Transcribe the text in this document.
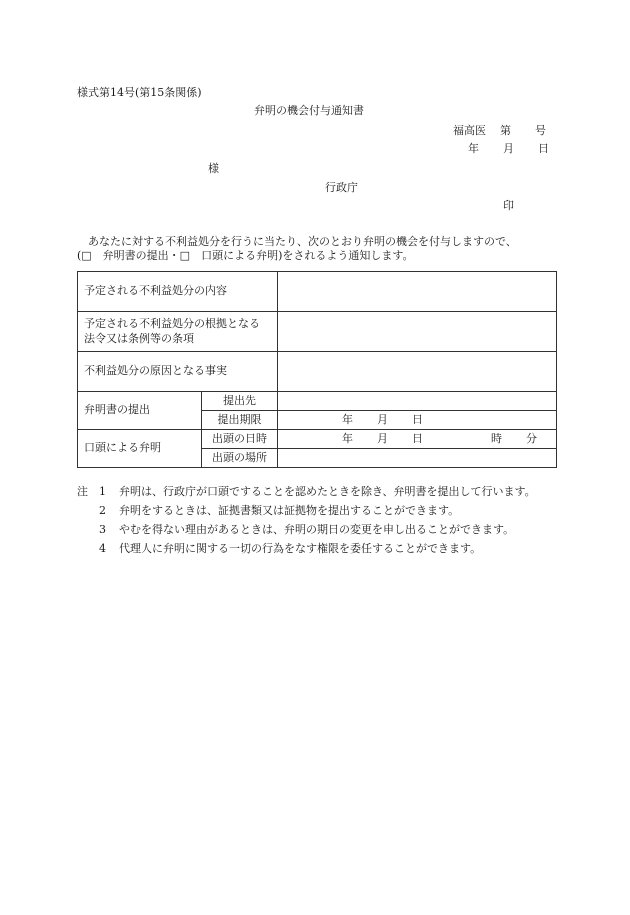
様式第14号(第15条関係)
弁明の機会付与通知書
福高医 第 号
年 月 日
様
行政庁
印

あなたに対する不利益処分を行うに当たり、次のとおり弁明の機会を付与しますので、

(□　弁明書の提出・□　口頭による弁明)をされるよう通知します。

予定される不利益処分の内容		

予定される不利益処分の根拠となる
法令又は条例等の条項		

不利益処分の原因となる事実		
弁明書の提出	提出先	
	提出期限	年 月 日
口頭による弁明	出頭の日時	年 月 日 時 分
	出頭の場所	
注	1	弁明は、行政庁が口頭ですることを認めたときを除き、弁明書を提出して行います。
2	弁明をするときは、証拠書類又は証拠物を提出することができます。
3	やむを得ない理由があるときは、弁明の期日の変更を申し出ることができます。
4	代理人に弁明に関する一切の行為をなす権限を委任することができます。
